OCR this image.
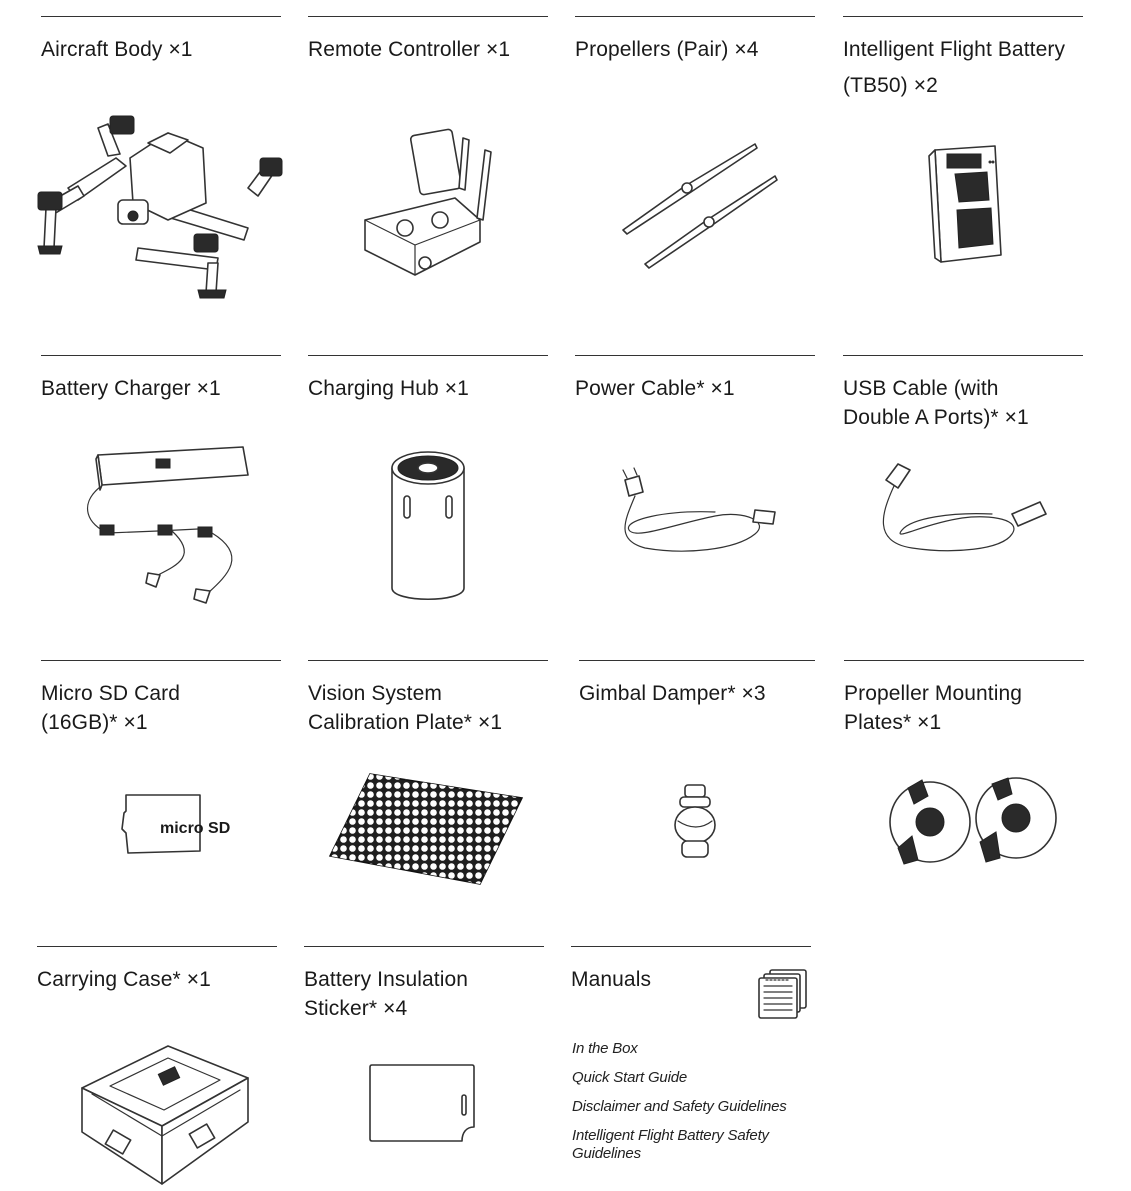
Aircraft Body ×1	Remote Controller ×1	Propellers (Pair) ×4	Intelligent Flight Battery
(TB50) ×2
Battery Charger ×1	Charging Hub ×1	Power Cable* ×1	USB Cable (with
Double A Ports)* ×1
Micro SD Card
(16GB)* ×1
Vision System
Calibration Plate* ×1
Gimbal Damper* ×3	Propeller Mounting
Plates* ×1
Carrying Case* ×1	Battery Insulation
Sticker* ×4
Manuals
In the Box
Quick Start Guide
Disclaimer and Safety Guidelines
Intelligent Flight Battery Safety
Guidelines
micro SD
